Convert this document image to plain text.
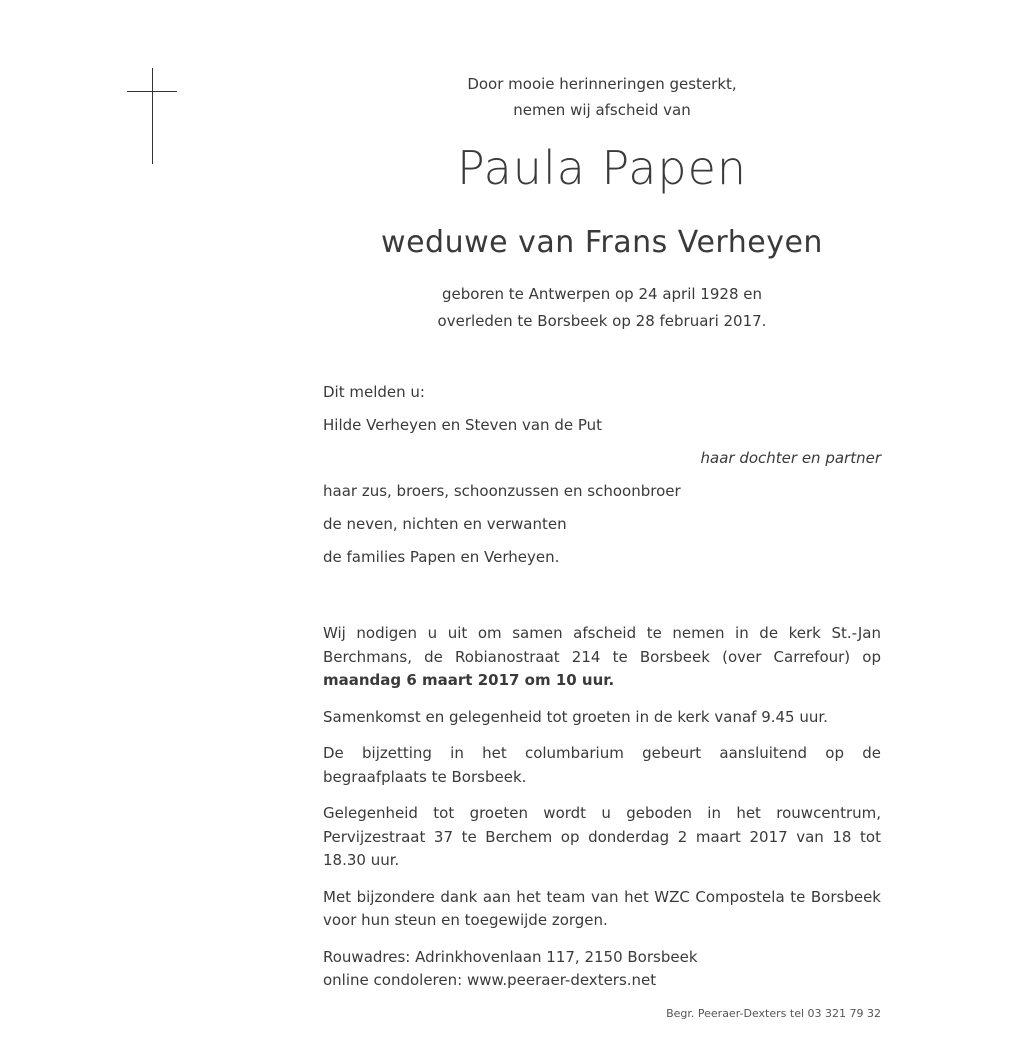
Door mooie herinneringen gesterkt,
nemen wij afscheid van
Paula Papen
weduwe van Frans Verheyen
geboren te Antwerpen op 24 april 1928 en
overleden te Borsbeek op 28 februari 2017.
Dit melden u:
Hilde Verheyen en Steven van de Put
haar dochter en partner
haar zus, broers, schoonzussen en schoonbroer
de neven, nichten en verwanten
de families Papen en Verheyen.

Wij nodigen u uit om samen afscheid te nemen in de kerk St.-Jan Berchmans, de Robianostraat 214 te Borsbeek (over Carrefour) op maandag 6 maart 2017 om 10 uur.

Samenkomst en gelegenheid tot groeten in de kerk vanaf 9.45 uur.

De bijzetting in het columbarium gebeurt aansluitend op de begraafplaats te Borsbeek.

Gelegenheid tot groeten wordt u geboden in het rouwcentrum, Pervijzestraat 37 te Berchem op donderdag 2 maart 2017 van 18 tot 18.30 uur.

Met bijzondere dank aan het team van het WZC Compostela te Borsbeek voor hun steun en toegewijde zorgen.

Rouwadres: Adrinkhovenlaan 117, 2150 Borsbeek

online condoleren: www.peeraer-dexters.net

Begr. Peeraer-Dexters tel 03 321 79 32
